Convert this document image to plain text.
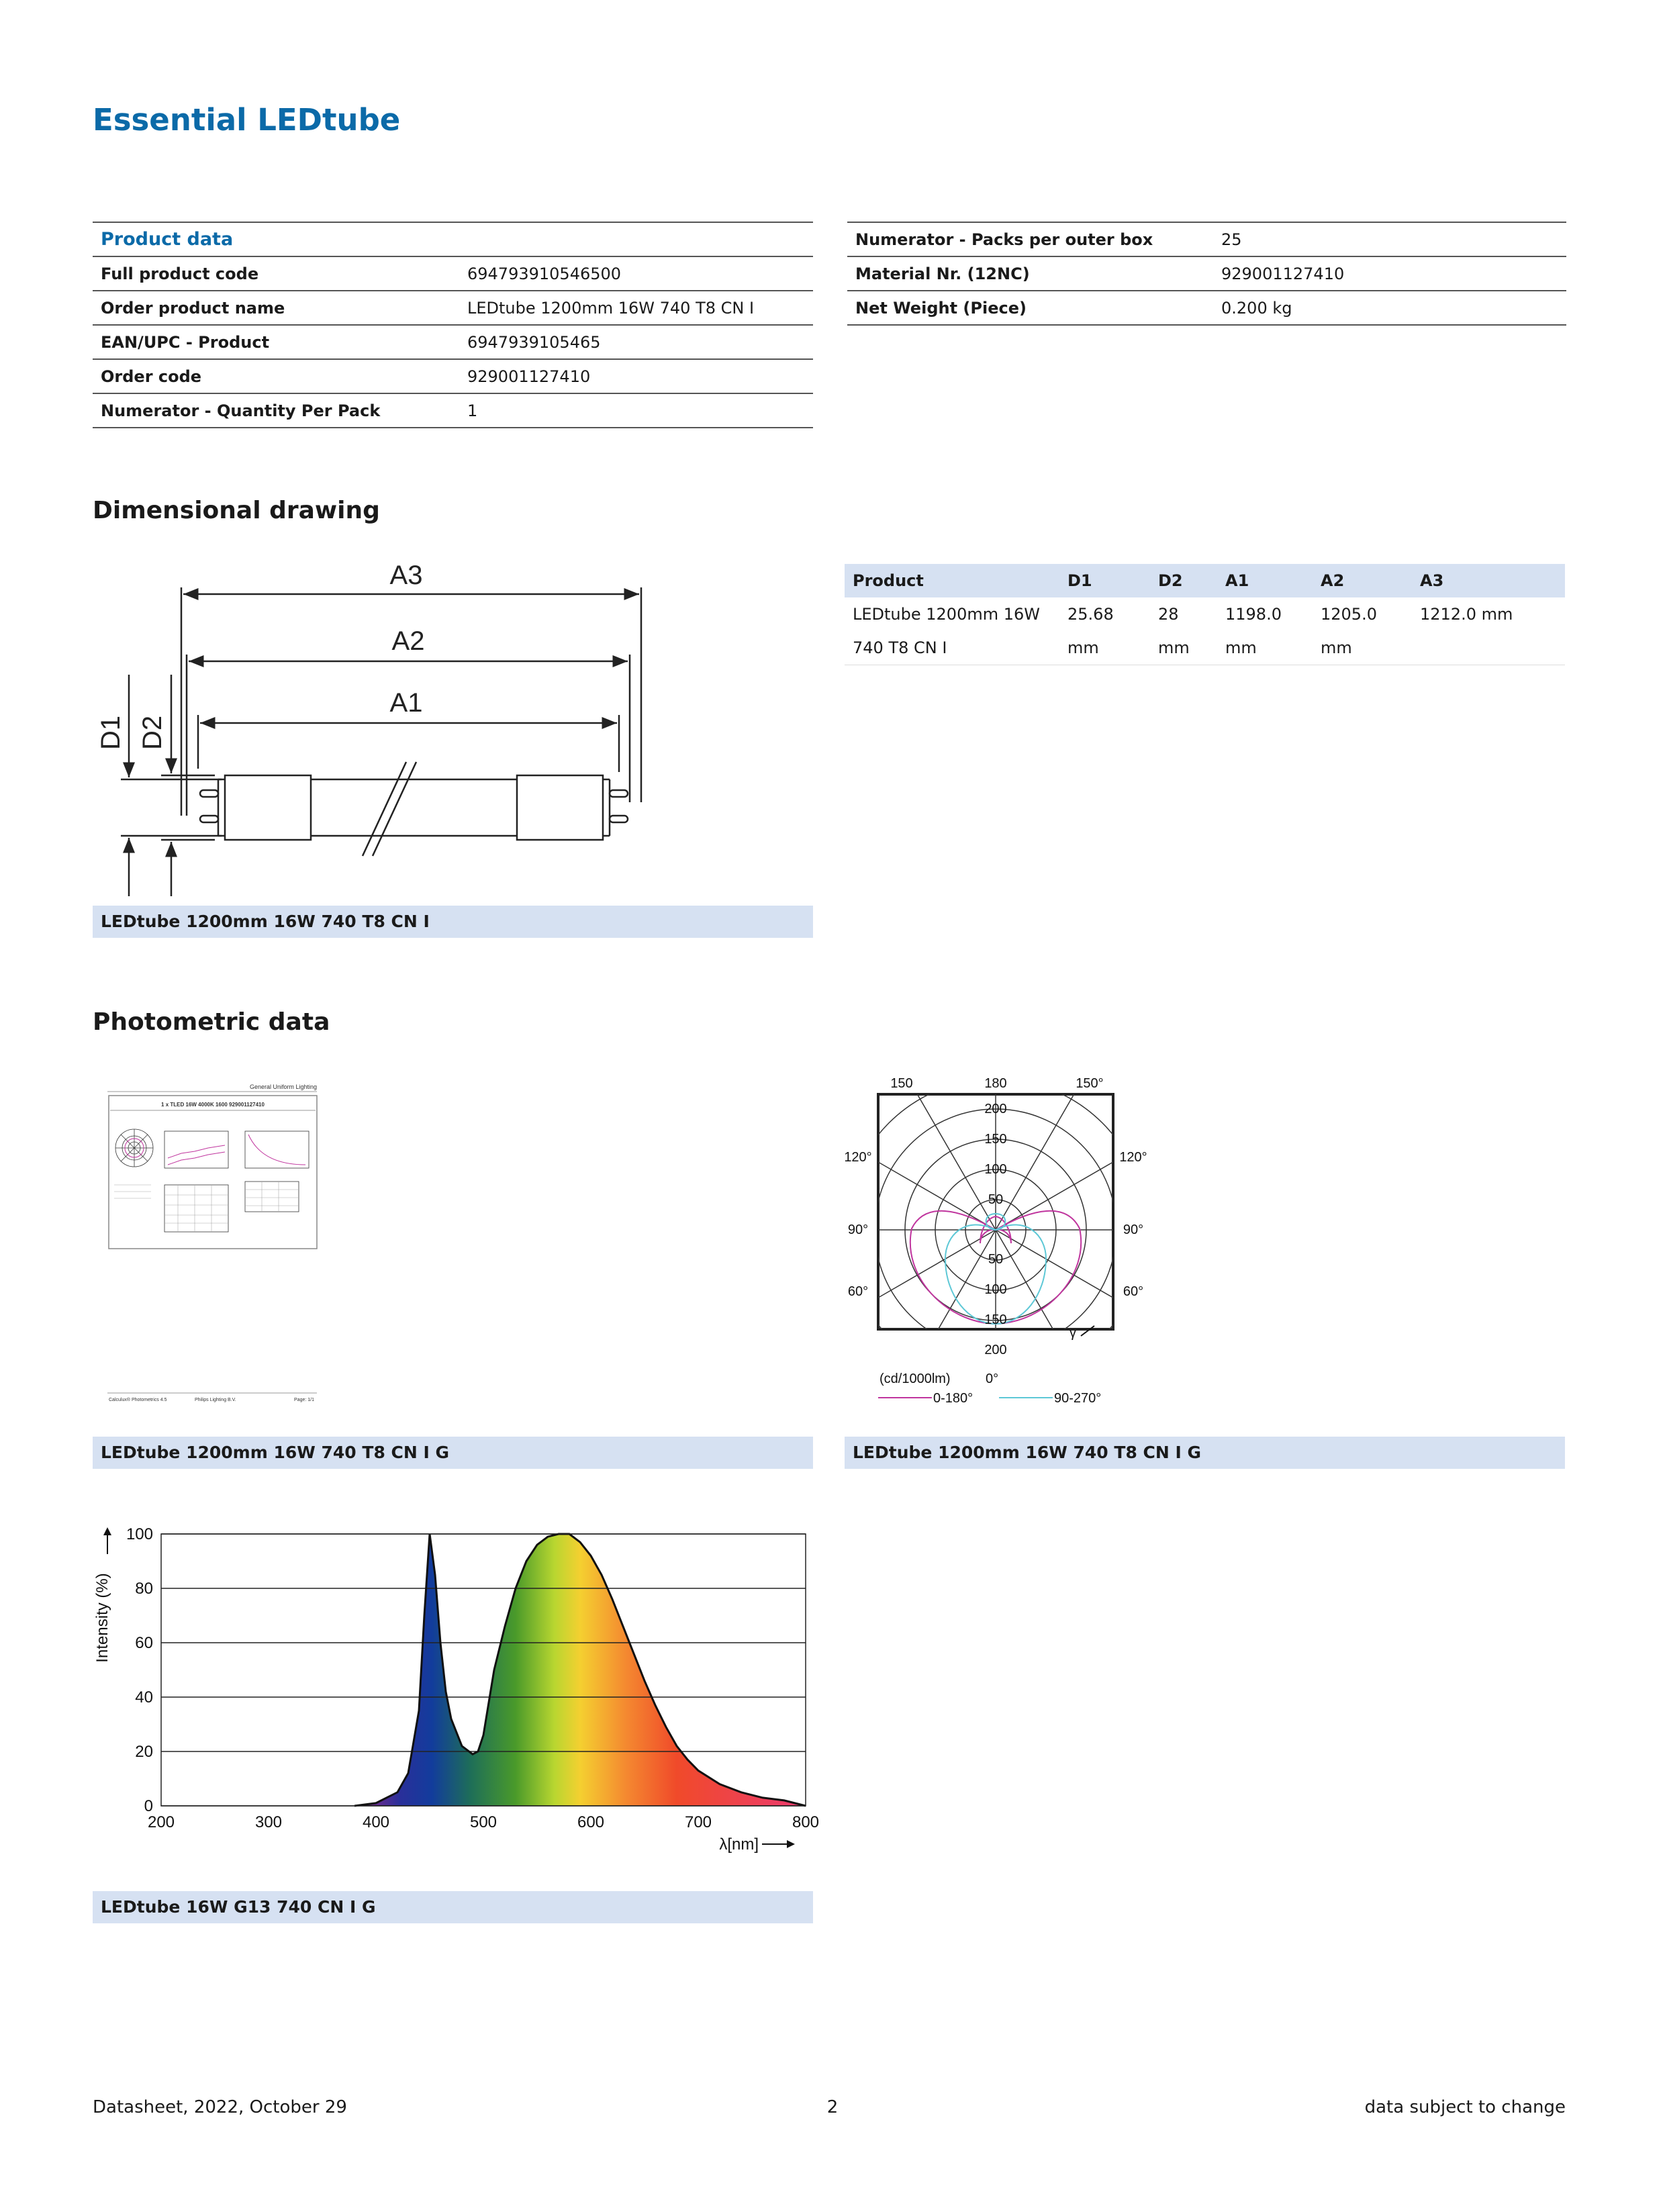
Essential LEDtube
Product data	
Full product code	694793910546500
Order product name	LEDtube 1200mm 16W 740 T8 CN I
EAN/UPC - Product	6947939105465
Order code	929001127410
Numerator - Quantity Per Pack	1
Numerator - Packs per outer box	25
Material Nr. (12NC)	929001127410
Net Weight (Piece)	0.200 kg
Dimensional drawing
A3
A2
A1
D1 D2
LEDtube 1200mm 16W 740 T8 CN I
Product	D1	D2	A1	A2	A3

LEDtube 1200mm 16W
740 T8 CN I	25.68 mm	28 mm	1198.0 mm	1205.0 mm	1212.0 mm
Photometric data
General Uniform Lighting
1 x TLED 16W 4000K 1600 929001127410
Calculux® Photometrics 4.5	Philips Lighting B.V.	Page: 1/1
150	180	150°
120°
90°
60°
120°
90°
60°
200
150
100
50
50
100
150
200
γ
(cd/1000lm)	0°
0-180°	90-270°
LEDtube 1200mm 16W 740 T8 CN I G	LEDtube 1200mm 16W 740 T8 CN I G
200	300	400	500	600	700	800
0
20
40
60
80
100
Intensity (%)
λ[nm]
LEDtube 16W G13 740 CN I G
Datasheet, 2022, October 29	2	data subject to change
